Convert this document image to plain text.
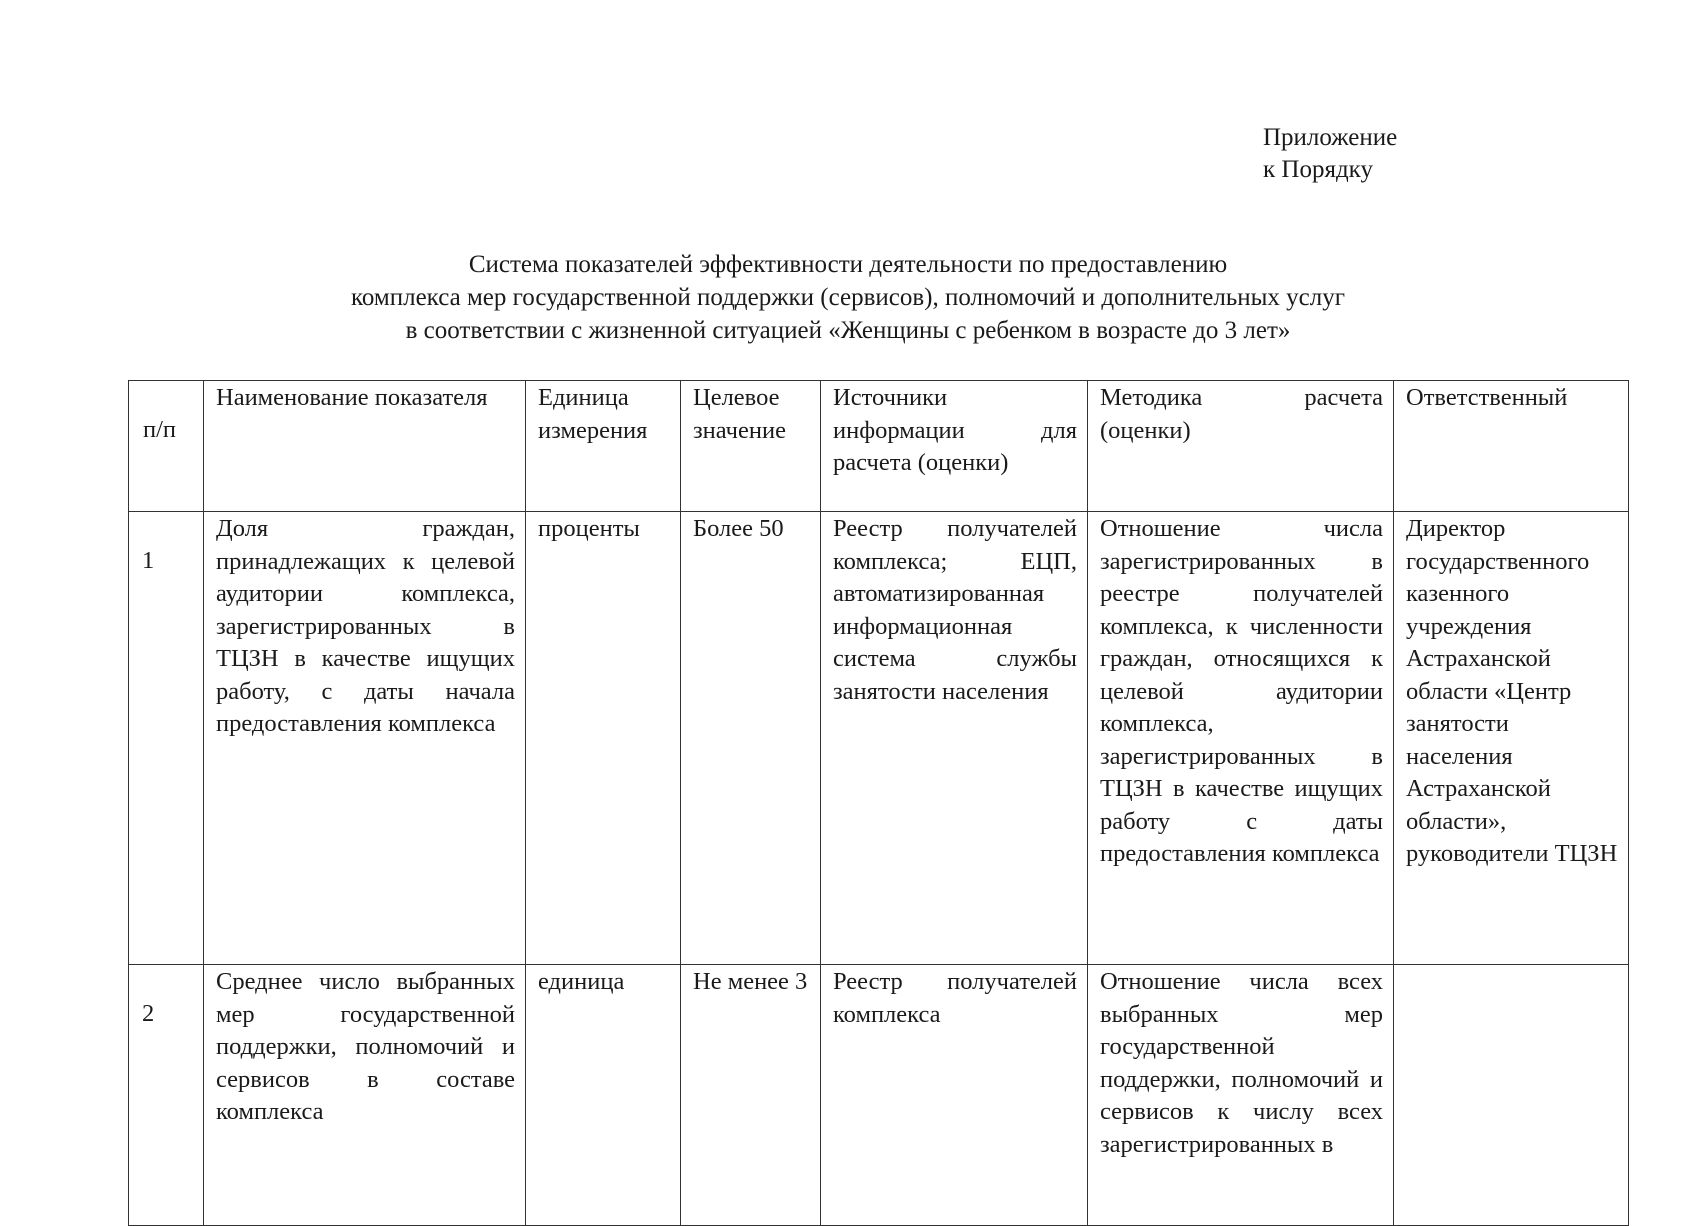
Приложение
к Порядку
Система показателей эффективности деятельности по предоставлению
комплекса мер государственной поддержки (сервисов), полномочий и дополнительных услуг
в соответствии с жизненной ситуацией «Женщины с ребенком в возрасте до 3 лет»
п/п	Наименование показателя	Единица измерения	Целевое значение	Источники информации для расчета (оценки)	Методика расчета (оценки)	Ответственный
1	Доля граждан, принадлежащих к целевой аудитории комплекса, зарегистрированных в ТЦЗН в качестве ищущих работу, с даты начала предоставления комплекса	проценты	Более 50	Реестр получателей комплекса; ЕЦП, автоматизированная информационная система службы занятости населения	Отношение числа зарегистрированных в реестре получателей комплекса, к численности граждан, относящихся к целевой аудитории комплекса, зарегистрированных в ТЦЗН в качестве ищущих работу с даты предоставления комплекса	Директор государственного казенного учреждения Астраханской области «Центр занятости населения Астраханской области», руководители ТЦЗН
2	Среднее число выбранных мер государственной поддержки, полномочий и сервисов в составе комплекса	единица	Не менее 3	Реестр получателей комплекса	Отношение числа всех выбранных мер государственной поддержки, полномочий и сервисов к числу всех зарегистрированных в	
